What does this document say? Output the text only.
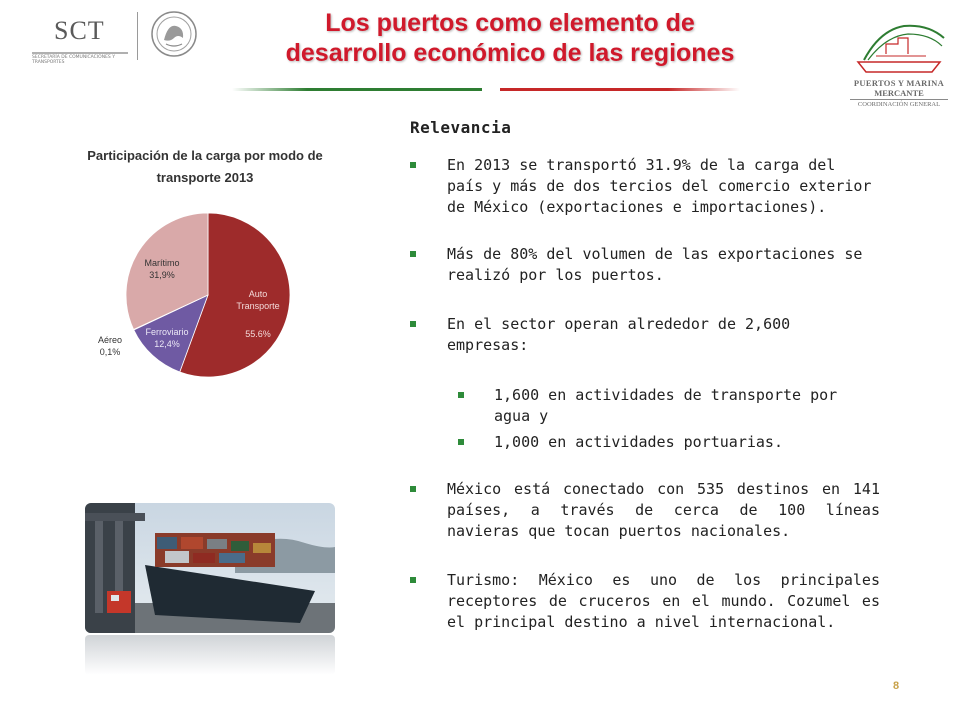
SCT
SECRETARÍA DE COMUNICACIONES Y TRANSPORTES
Los puertos como elemento de
desarrollo económico de las regiones
PUERTOS Y MARINA
MERCANTE
COORDINACIÓN GENERAL
Participación de la carga por modo de transporte 2013
Auto
Transporte
55.6%
Ferroviario
12,4%
Aéreo
0,1%
Marítimo
31,9%
Relevancia
En 2013 se transportó 31.9% de la carga del país y más de dos tercios del comercio exterior de México (exportaciones e importaciones).
Más de 80% del volumen de las exportaciones se realizó por los puertos.
En el sector operan alrededor de 2,600 empresas:
1,600 en actividades de transporte por agua y
1,000 en actividades portuarias.
México está conectado con 535 destinos en 141 países, a través de cerca de 100 líneas navieras que tocan puertos nacionales.
Turismo: México es uno de los principales receptores de cruceros en el mundo. Cozumel es el principal destino a nivel internacional.
8
